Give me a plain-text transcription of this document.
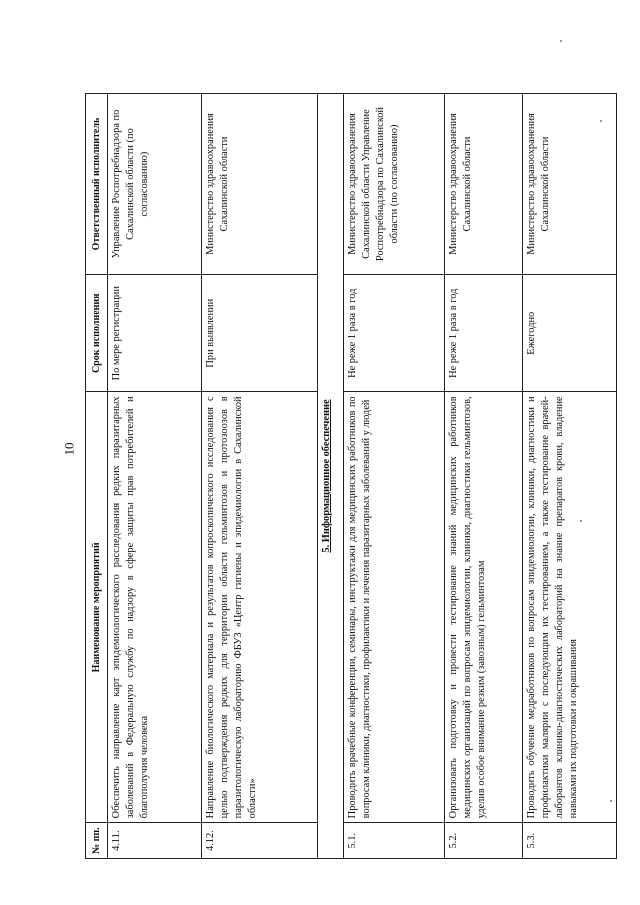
10
№ пп.	Наименование мероприятий	Срок исполнения	Ответственный исполнитель
4.11.	Обеспечить направление карт эпидемиологического расследования редких паразитарных заболеваний в Федеральную службу по надзору в сфере защиты прав потребителей и благополучия человека	По мере регистрации	Управление Роспотребнадзора по Сахалинской области (по согласованию)
4.12.	Направление биологического материала и результатов копроскопического исследования с целью подтверждения редких для территории области гельминтозов и протозоозов в паразитологическую лабораторию ФБУЗ «Центр гигиены и эпидемиологии в Сахалинской области»	При выявлении	Министерство здравоохранения Сахалинской области
5. Информационное обеспечение			
5.1.	Проводить врачебные конференции, семинары, инструктажи для медицинских работников по вопросам клиники, диагностики, профилактики и лечения паразитарных заболеваний у людей	Не реже 1 раза в год	Министерство здравоохранения Сахалинской области Управление Роспотребнадзора по Сахалинской области (по согласованию)
5.2.	Организовать подготовку и провести тестирование знаний медицинских работников медицинских организаций по вопросам эпидемиологии, клиники, диагностики гельминтозов, уделив особое внимание резким (завозным) гельминтозам	Не реже 1 раза в год	Министерство здравоохранения Сахалинской области
5.3.	Проводить обучение медработников по вопросам эпидемиологии, клиники, диагностики и профилактики малярии с последующим их тестированием, а также тестирование врачей-лаборантов клинико-диагностических лабораторий на знание препаратов крови, владение навыками их подготовки и окрашивания	Ежегодно	Министерство здравоохранения Сахалинской области
